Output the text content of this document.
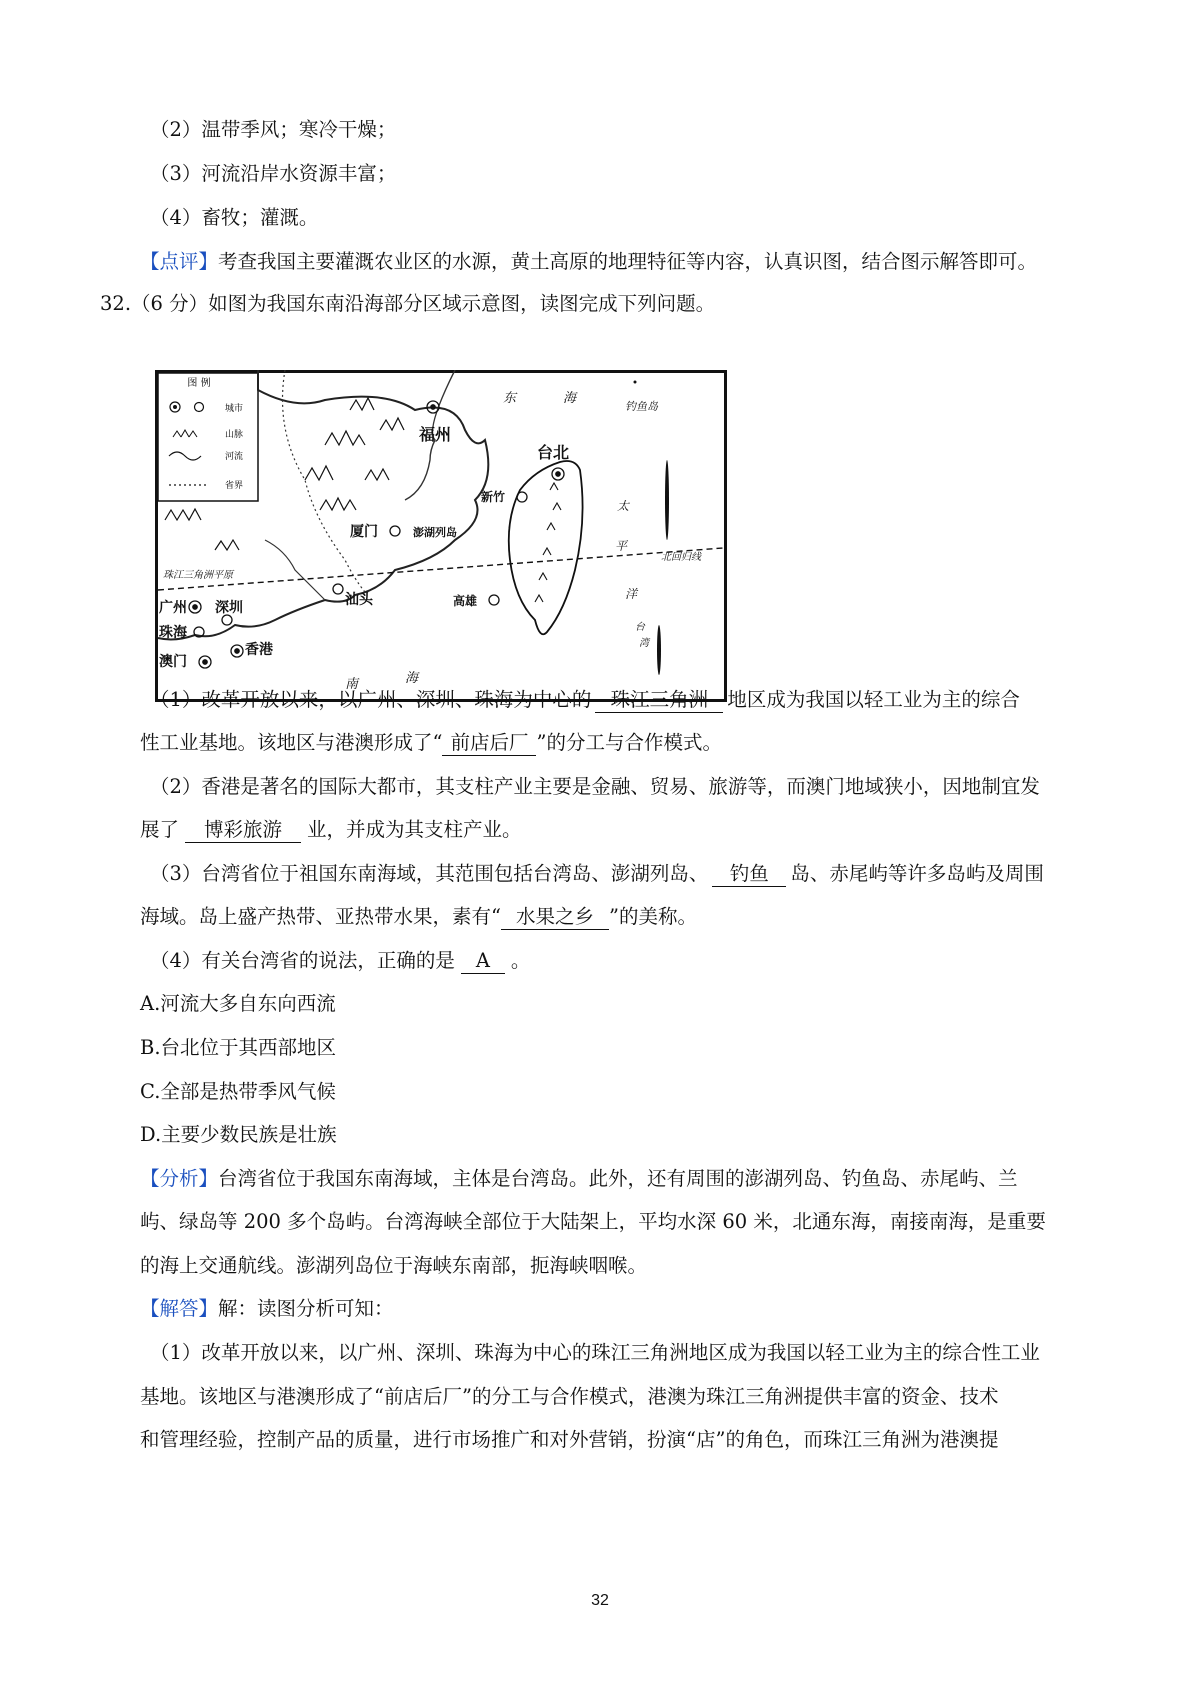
（2）温带季风；寒冷干燥；
（3）河流沿岸水资源丰富；
（4）畜牧；灌溉。
【点评】考查我国主要灌溉农业区的水源，黄土高原的地理特征等内容，认真识图，结合图示解答即可。
32.（6 分）如图为我国东南沿海部分区域示意图，读图完成下列问题。
图 例
城市
山脉
河流
省界
福州
台北
新竹
厦门	澎湖列岛
汕头	高雄
广州 深圳
珠海
澳门
香港
珠江三角洲平原
北回归线
东	海
南	海
钓鱼岛
太
平
洋
台
湾
（1）改革开放以来，以广州、深圳、珠海为中心的 珠江三角洲 地区成为我国以轻工业为主的综合
性工业基地。该地区与港澳形成了“ 前店后厂 ”的分工与合作模式。
（2）香港是著名的国际大都市，其支柱产业主要是金融、贸易、旅游等，而澳门地域狭小，因地制宜发
展了 博彩旅游 业，并成为其支柱产业。
（3）台湾省位于祖国东南海域，其范围包括台湾岛、澎湖列岛、 钓鱼 岛、赤尾屿等许多岛屿及周围
海域。岛上盛产热带、亚热带水果，素有“ 水果之乡 ”的美称。
（4）有关台湾省的说法，正确的是 A 。
A.河流大多自东向西流
B.台北位于其西部地区
C.全部是热带季风气候
D.主要少数民族是壮族
【分析】台湾省位于我国东南海域，主体是台湾岛。此外，还有周围的澎湖列岛、钓鱼岛、赤尾屿、兰
屿、绿岛等 200 多个岛屿。台湾海峡全部位于大陆架上，平均水深 60 米，北通东海，南接南海，是重要
的海上交通航线。澎湖列岛位于海峡东南部，扼海峡咽喉。
【解答】解：读图分析可知：
（1）改革开放以来，以广州、深圳、珠海为中心的珠江三角洲地区成为我国以轻工业为主的综合性工业
基地。该地区与港澳形成了“前店后厂”的分工与合作模式，港澳为珠江三角洲提供丰富的资金、技术
和管理经验，控制产品的质量，进行市场推广和对外营销，扮演“店”的角色，而珠江三角洲为港澳提
32
